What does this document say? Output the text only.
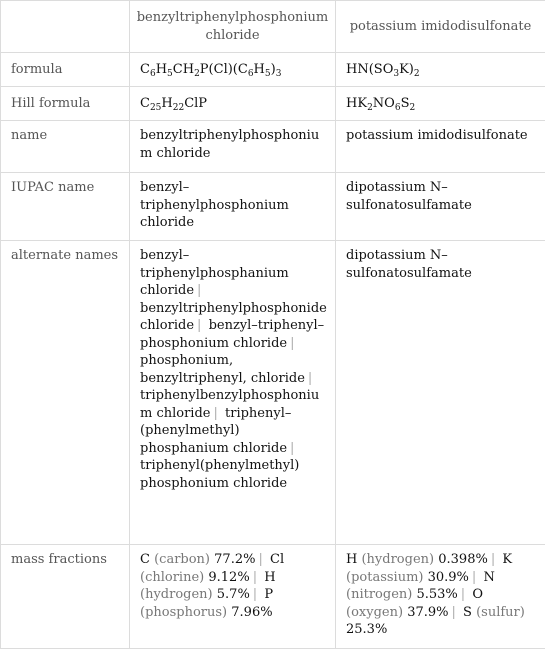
	benzyltriphenylphosphonium chloride	potassium imidodisulfonate
formula	$C_6H_5CH_2P(Cl)(C_6H_5)_3$	$HN(SO_3K)_2$
Hill formula	$C_{25}H_{22}ClP$	$HK_2NO_6S_2$
name	benzyltriphenylphosphonium chloride	potassium imidodisulfonate
IUPAC name	benzyl–triphenylphosphonium chloride	dipotassium N–sulfonatosulfamate
alternate names	benzyl–triphenylphosphanium chloride | benzyltriphenylphosphonide chloride | benzyl–triphenyl–phosphonium chloride | phosphonium, benzyltriphenyl, chloride | triphenylbenzylphosphonium chloride | triphenyl–(phenylmethyl) phosphanium chloride | triphenyl(phenylmethyl) phosphonium chloride	dipotassium N–sulfonatosulfamate
mass fractions	C (carbon) 77.2% | Cl (chlorine) 9.12% | H (hydrogen) 5.7% | P (phosphorus) 7.96%	H (hydrogen) 0.398% | K (potassium) 30.9% | N (nitrogen) 5.53% | O (oxygen) 37.9% | S (sulfur) 25.3%
